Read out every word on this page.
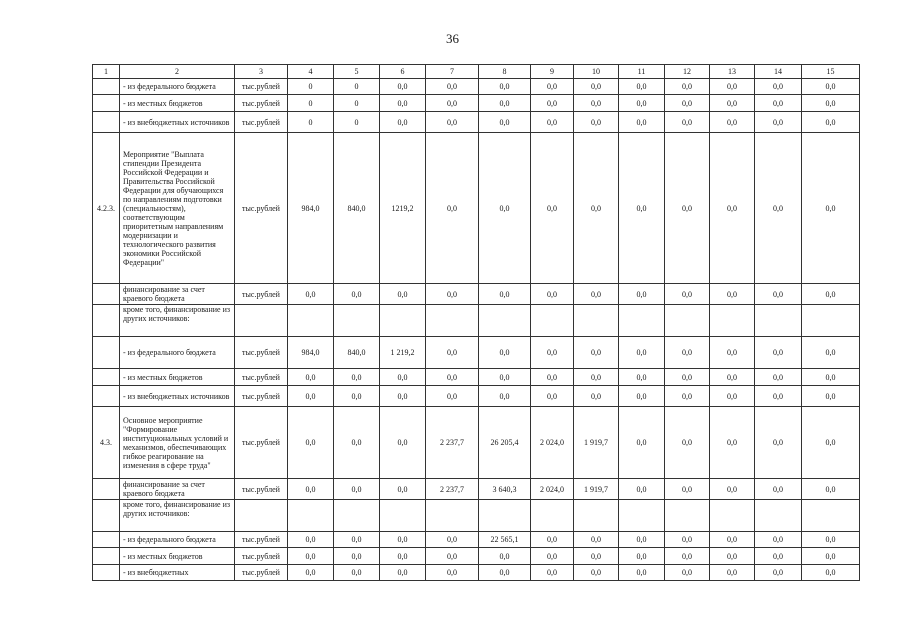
36
1	2	3	4	5	6	7	8	9	10	11	12	13	14	15
	- из федерального бюджета	тыс.рублей	0	0	0,0	0,0	0,0	0,0	0,0	0,0	0,0	0,0	0,0	0,0
	- из местных бюджетов	тыс.рублей	0	0	0,0	0,0	0,0	0,0	0,0	0,0	0,0	0,0	0,0	0,0
	- из внебюджетных источников	тыс.рублей	0	0	0,0	0,0	0,0	0,0	0,0	0,0	0,0	0,0	0,0	0,0
4.2.3.	Мероприятие "Выплата стипендии Президента Российской Федерации и Правительства Российской Федерации для обучающихся по направлениям подготовки (специальностям), соответствующим приоритетным направлениям модернизации и технологического развития экономики Российской Федерации"	тыс.рублей	984,0	840,0	1219,2	0,0	0,0	0,0	0,0	0,0	0,0	0,0	0,0	0,0
	финансирование за счет краевого бюджета	тыс.рублей	0,0	0,0	0,0	0,0	0,0	0,0	0,0	0,0	0,0	0,0	0,0	0,0
	кроме того, финансирование из других источников:													
	- из федерального бюджета	тыс.рублей	984,0	840,0	1 219,2	0,0	0,0	0,0	0,0	0,0	0,0	0,0	0,0	0,0
	- из местных бюджетов	тыс.рублей	0,0	0,0	0,0	0,0	0,0	0,0	0,0	0,0	0,0	0,0	0,0	0,0
	- из внебюджетных источников	тыс.рублей	0,0	0,0	0,0	0,0	0,0	0,0	0,0	0,0	0,0	0,0	0,0	0,0
4.3.	Основное мероприятие "Формирование институциональных условий и механизмов, обеспечивающих гибкое реагирование на изменения в сфере труда"	тыс.рублей	0,0	0,0	0,0	2 237,7	26 205,4	2 024,0	1 919,7	0,0	0,0	0,0	0,0	0,0
	финансирование за счет краевого бюджета	тыс.рублей	0,0	0,0	0,0	2 237,7	3 640,3	2 024,0	1 919,7	0,0	0,0	0,0	0,0	0,0
	кроме того, финансирование из других источников:													
	- из федерального бюджета	тыс.рублей	0,0	0,0	0,0	0,0	22 565,1	0,0	0,0	0,0	0,0	0,0	0,0	0,0
	- из местных бюджетов	тыс.рублей	0,0	0,0	0,0	0,0	0,0	0,0	0,0	0,0	0,0	0,0	0,0	0,0
	- из внебюджетных	тыс.рублей	0,0	0,0	0,0	0,0	0,0	0,0	0,0	0,0	0,0	0,0	0,0	0,0
